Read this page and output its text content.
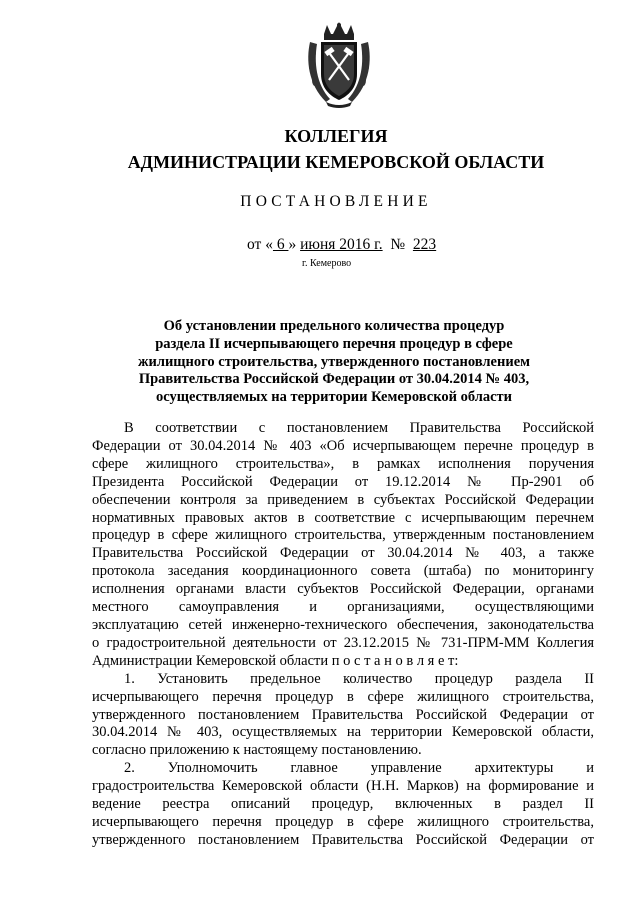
КОЛЛЕГИЯ
АДМИНИСТРАЦИИ КЕМЕРОВСКОЙ ОБЛАСТИ
ПОСТАНОВЛЕНИЕ
от « 6 » июня 2016 г.  №  223
г. Кемерово
Об установлении предельного количества процедур
раздела II исчерпывающего перечня процедур в сфере
жилищного строительства, утвержденного постановлением
Правительства Российской Федерации от 30.04.2014 № 403,
осуществляемых на территории Кемеровской области
В соответствии с постановлением Правительства Российской
Федерации от 30.04.2014 № 403 «Об исчерпывающем перечне процедур в
сфере жилищного строительства», в рамках исполнения поручения
Президента Российской Федерации от 19.12.2014 № Пр-2901 об
обеспечении контроля за приведением в субъектах Российской Федерации
нормативных правовых актов в соответствие с исчерпывающим перечнем
процедур в сфере жилищного строительства, утвержденным постановлением
Правительства Российской Федерации от 30.04.2014 № 403, а также
протокола заседания координационного совета (штаба) по мониторингу
исполнения органами власти субъектов Российской Федерации, органами
местного самоуправления и организациями, осуществляющими
эксплуатацию сетей инженерно-технического обеспечения, законодательства
о градостроительной деятельности от 23.12.2015 № 731-ПРМ-ММ Коллегия
Администрации Кемеровской области п о с т а н о в л я е т:
1. Установить предельное количество процедур раздела II
исчерпывающего перечня процедур в сфере жилищного строительства,
утвержденного постановлением Правительства Российской Федерации от
30.04.2014 № 403, осуществляемых на территории Кемеровской области,
согласно приложению к настоящему постановлению.
2. Уполномочить главное управление архитектуры и
градостроительства Кемеровской области (Н.Н. Марков) на формирование и
ведение реестра описаний процедур, включенных в раздел II
исчерпывающего перечня процедур в сфере жилищного строительства,
утвержденного постановлением Правительства Российской Федерации от
